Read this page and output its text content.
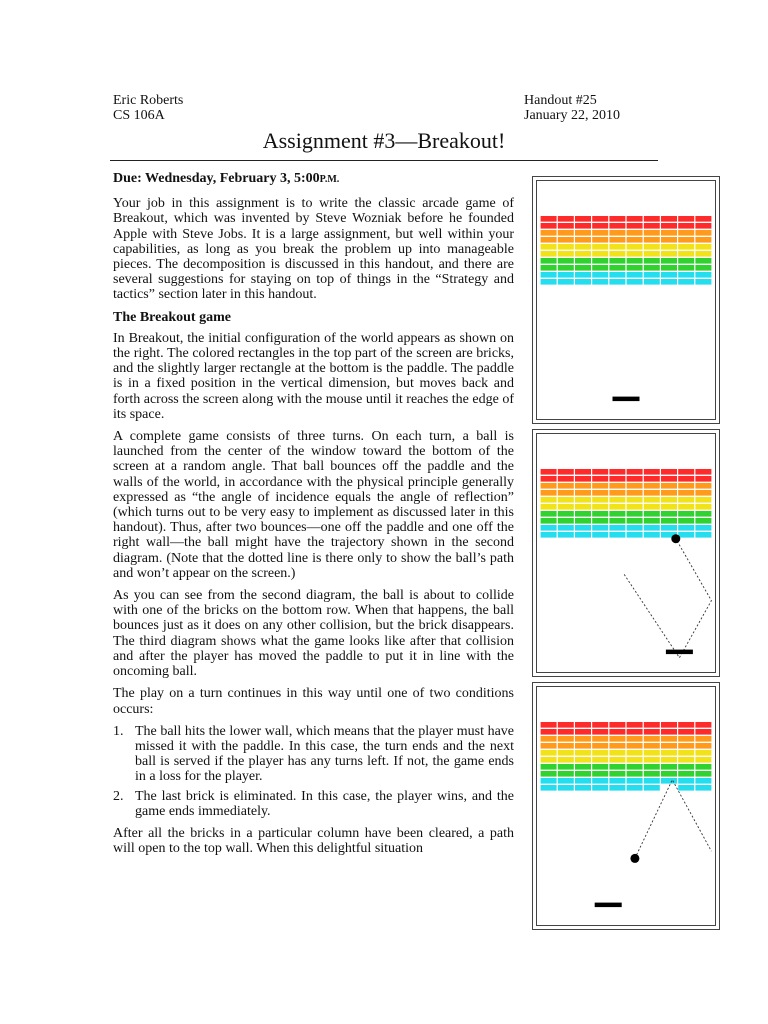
Eric Roberts
CS 106A
Handout #25
January 22, 2010
Assignment #3—Breakout!

Due: Wednesday, February 3, 5:00P.M.

Your job in this assignment is to write the classic arcade game of Breakout, which was invented by Steve Wozniak before he founded Apple with Steve Jobs. It is a large assignment, but well within your capabilities, as long as you break the problem up into manageable pieces. The decomposition is discussed in this handout, and there are several suggestions for staying on top of things in the “Strategy and tactics” section later in this handout.

The Breakout game

In Breakout, the initial configuration of the world appears as shown on the right. The colored rectangles in the top part of the screen are bricks, and the slightly larger rectangle at the bottom is the paddle. The paddle is in a fixed position in the vertical dimension, but moves back and forth across the screen along with the mouse until it reaches the edge of its space.

A complete game consists of three turns. On each turn, a ball is launched from the center of the window toward the bottom of the screen at a random angle. That ball bounces off the paddle and the walls of the world, in accordance with the physical principle generally expressed as “the angle of incidence equals the angle of reflection” (which turns out to be very easy to implement as discussed later in this handout). Thus, after two bounces—one off the paddle and one off the right wall—the ball might have the trajectory shown in the second diagram. (Note that the dotted line is there only to show the ball’s path and won’t appear on the screen.)

As you can see from the second diagram, the ball is about to collide with one of the bricks on the bottom row. When that happens, the ball bounces just as it does on any other collision, but the brick disappears. The third diagram shows what the game looks like after that collision and after the player has moved the paddle to put it in line with the oncoming ball.

The play on a turn continues in this way until one of two conditions occurs:

1. The ball hits the lower wall, which means that the player must have missed it with the paddle. In this case, the turn ends and the next ball is served if the player has any turns left. If not, the game ends in a loss for the player.
2. The last brick is eliminated. In this case, the player wins, and the game ends immediately.

After all the bricks in a particular column have been cleared, a path will open to the top wall. When this delightful situation
